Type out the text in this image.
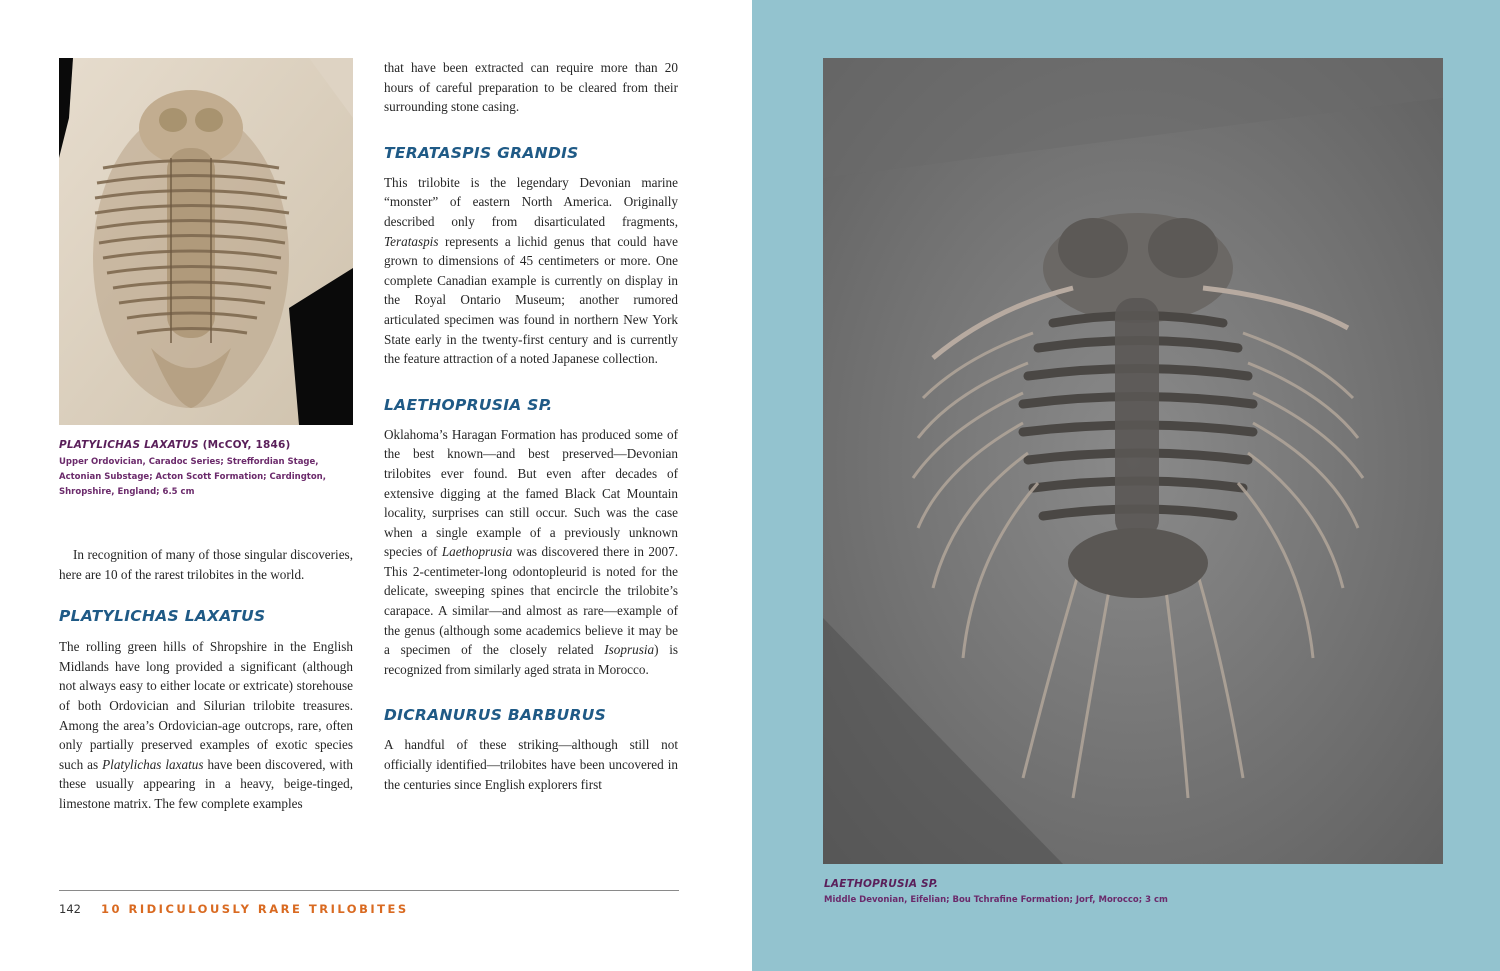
PLATYLICHAS LAXATUS (McCOY, 1846)

Upper Ordovician, Caradoc Series; Streffordian Stage, Actonian Substage; Acton Scott Formation; Cardington, Shropshire, England; 6.5 cm

In recognition of many of those singular discoveries, here are 10 of the rarest trilobites in the world.

PLATYLICHAS LAXATUS

The rolling green hills of Shropshire in the English Midlands have long provided a significant (although not always easy to either locate or extricate) storehouse of both Ordovician and Silurian trilobite treasures. Among the area’s Ordovician-age outcrops, rare, often only partially preserved examples of exotic species such as Platylichas laxatus have been discovered, with these usually appearing in a heavy, beige-tinged, limestone matrix. The few complete examples

that have been extracted can require more than 20 hours of careful preparation to be cleared from their surrounding stone casing.

TERATASPIS GRANDIS

This trilobite is the legendary Devonian marine “monster” of eastern North America. Originally described only from disarticulated fragments, Terataspis represents a lichid genus that could have grown to dimensions of 45 centimeters or more. One complete Canadian example is currently on display in the Royal Ontario Museum; another rumored articulated specimen was found in northern New York State early in the twenty-first century and is currently the feature attraction of a noted Japanese collection.

LAETHOPRUSIA SP.

Oklahoma’s Haragan Formation has produced some of the best known—and best preserved—Devonian trilobites ever found. But even after decades of extensive digging at the famed Black Cat Mountain locality, surprises can still occur. Such was the case when a single example of a previously unknown species of Laethoprusia was discovered there in 2007. This 2-centimeter-long odontopleurid is noted for the delicate, sweeping spines that encircle the trilobite’s carapace. A similar—and almost as rare—example of the genus (although some academics believe it may be a specimen of the closely related Isoprusia) is recognized from similarly aged strata in Morocco.

DICRANURUS BARBURUS

A handful of these striking—although still not officially identified—trilobites have been uncovered in the centuries since English explorers first

142 10 RIDICULOUSLY RARE TRILOBITES

LAETHOPRUSIA SP.

Middle Devonian, Eifelian; Bou Tchrafine Formation; Jorf, Morocco; 3 cm
